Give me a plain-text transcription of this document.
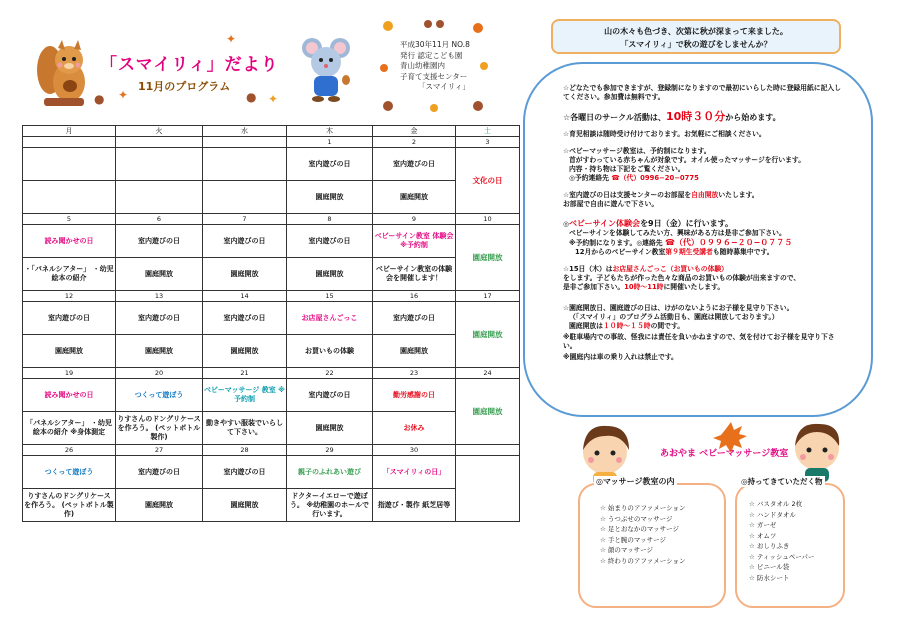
「スマイリィ」だより
11月のプログラム
● ✦	● ✦
✦	平成30年11月 NO.8
発行 認定こども園
青山幼稚園内
子育て支援センター
「スマイリィ」
月	火	水	木	金	土
			1	2	3
			室内遊びの日	室内遊びの日	文化の日
			園庭開放	園庭開放	
5	6	7	8	9	10
読み聞かせの日	室内遊びの日	室内遊びの日	室内遊びの日	ベビーサイン教室 体験会 ※予約制	園庭開放
・「パネルシアター」 ・幼児絵本の紹介	園庭開放	園庭開放	園庭開放	ベビーサイン教室の体験会を開催します！	
12	13	14	15	16	17
室内遊びの日	室内遊びの日	室内遊びの日	お店屋さんごっこ	室内遊びの日	園庭開放
園庭開放	園庭開放	園庭開放	お買いもの体験	園庭開放	
19	20	21	22	23	24
読み聞かせの日	つくって遊ぼう	ベビーマッサージ 教室 ※予約制	室内遊びの日	勤労感謝の日	園庭開放
「パネルシアター」 ・幼児絵本の紹介 ※身体測定	りすさんのドングリケースを作ろう。 (ペットボトル製作)	動きやすい服装でいらして下さい。	園庭開放	お休み	
26	27	28	29	30	
つくって遊ぼう	室内遊びの日	室内遊びの日	親子のふれあい遊び	「スマイリィの日」	
りすさんのドングリケースを作ろう。 (ペットボトル製作)	園庭開放	園庭開放	ドクターイエローで遊ぼう。 ※幼稚園のホールで行います。	指遊び・製作 紙芝居等	
山の木々も色づき、次第に秋が深まって来ました。
「スマイリィ」で秋の遊びをしませんか？

☆どなたでも参加できますが、登録制になりますので最初にいらした時に登録用紙に記入してください。参加費は無料です。

☆各曜日のサークル活動は、10時３０分から始めます。

☆育児相談は随時受け付けております。お気軽にご相談ください。

☆ベビーマッサージ教室は、予約制になります。
首がすわっている赤ちゃんが対象です。オイル使ったマッサージを行います。
内容・持ち物は下記をご覧ください。
◎予約連絡先 ☎（代）0996−20−0775

☆室内遊びの日は支援センターのお部屋を自由開放いたします。
お部屋で自由に遊んで下さい。

◎ベビーサイン体験会を9日（金）に行います。
ベビーサインを体験してみたい方、興味がある方は是非ご参加下さい。
※予約制になります。◎連絡先 ☎（代）０９９６−２０−０７７５
12月からのベビーサイン教室第９期生受講者も随時募集中です。

☆15日（木）はお店屋さんごっこ（お買いもの体験）
をします。子どもたちが作った色々な商品のお買いもの体験が出来ますので、
是非ご参加下さい。10時〜11時に開催いたします。

☆園庭開放日、園庭遊びの日は、けがのないようにお子様を見守り下さい。
（「スマイリィ」のプログラム活動日も、園庭は開放しております。）
園庭開放は１０時〜１５時の間です。

※駐車場内での事故、怪我には責任を負いかねますので、気を付けてお子様を見守り下さい。

※園庭内は車の乗り入れは禁止です。

あおやま ベビーマッサージ教室
◎マッサージ教室の内
☆ 始まりのアファメーション
☆ うつぶせのマッサージ
☆ 足とおなかのマッサージ
☆ 手と腕のマッサージ
☆ 顔のマッサージ
☆ 終わりのアファメーション
◎持ってきていただく物
☆ バスタオル 2枚
☆ ハンドタオル
☆ ガーゼ
☆ オムツ
☆ おしりふき
☆ ティッシュペーパー
☆ ビニール袋
☆ 防水シート
